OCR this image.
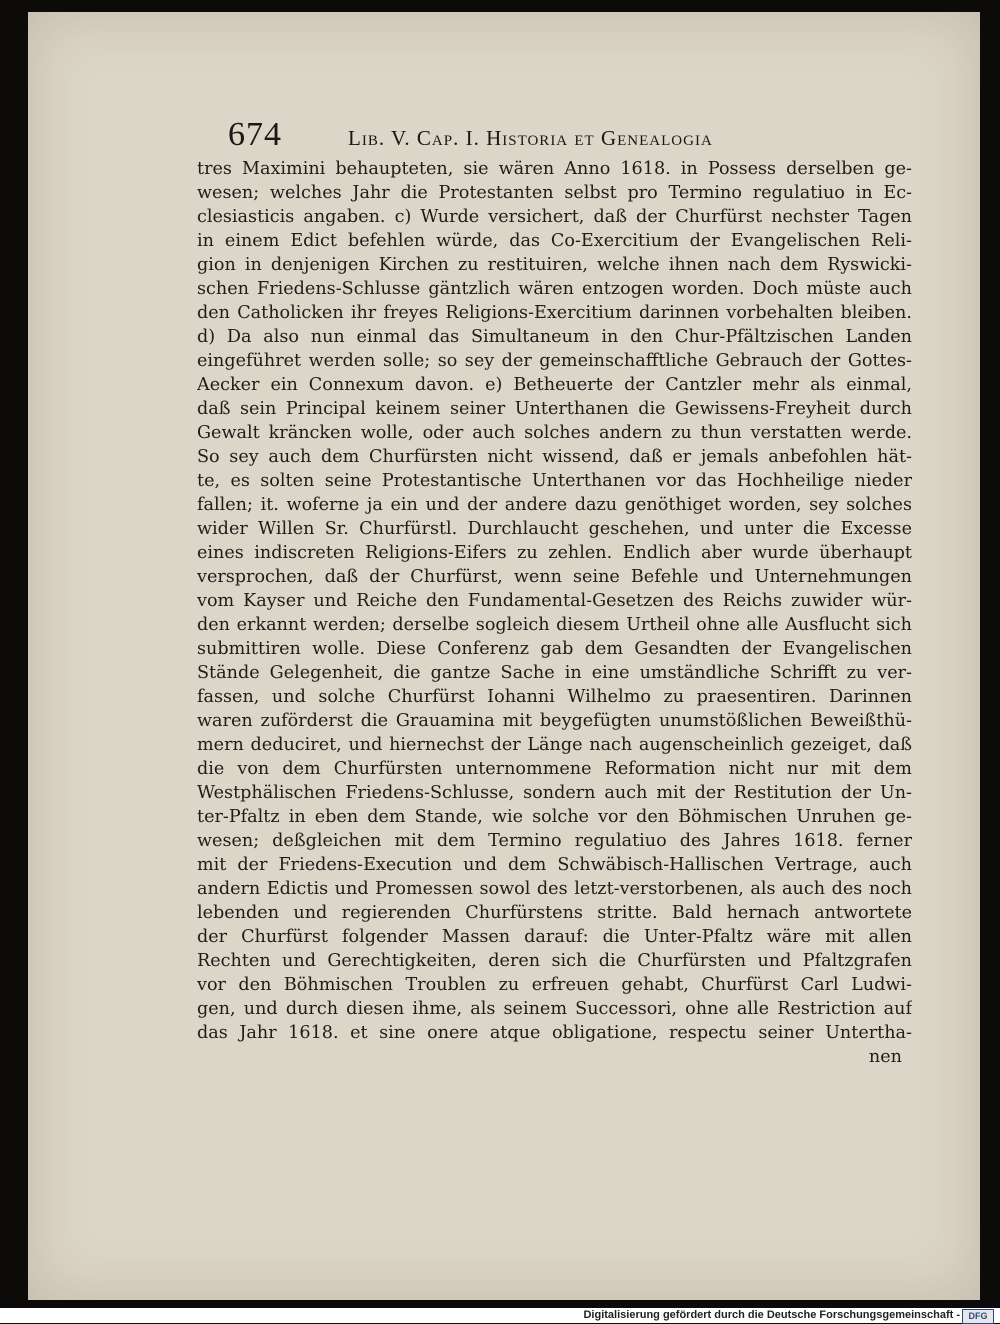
674	Lib. V. Cap. I. Historia et Genealogia
tres Maximini behaupteten, sie wären Anno 1618. in Possess derselben ge-
wesen; welches Jahr die Protestanten selbst pro Termino regulatiuo in Ec-
clesiasticis angaben. c) Wurde versichert, daß der Churfürst nechster Tagen
in einem Edict befehlen würde, das Co-Exercitium der Evangelischen Reli-
gion in denjenigen Kirchen zu restituiren, welche ihnen nach dem Ryswicki-
schen Friedens-Schlusse gäntzlich wären entzogen worden. Doch müste auch
den Catholicken ihr freyes Religions-Exercitium darinnen vorbehalten bleiben.
d) Da also nun einmal das Simultaneum in den Chur-Pfältzischen Landen
eingeführet werden solle; so sey der gemeinschafftliche Gebrauch der Gottes-
Aecker ein Connexum davon. e) Betheuerte der Cantzler mehr als einmal,
daß sein Principal keinem seiner Unterthanen die Gewissens-Freyheit durch
Gewalt kräncken wolle, oder auch solches andern zu thun verstatten werde.
So sey auch dem Churfürsten nicht wissend, daß er jemals anbefohlen hät-
te, es solten seine Protestantische Unterthanen vor das Hochheilige nieder
fallen; it. woferne ja ein und der andere dazu genöthiget worden, sey solches
wider Willen Sr. Churfürstl. Durchlaucht geschehen, und unter die Excesse
eines indiscreten Religions-Eifers zu zehlen. Endlich aber wurde überhaupt
versprochen, daß der Churfürst, wenn seine Befehle und Unternehmungen
vom Kayser und Reiche den Fundamental-Gesetzen des Reichs zuwider wür-
den erkannt werden; derselbe sogleich diesem Urtheil ohne alle Ausflucht sich
submittiren wolle. Diese Conferenz gab dem Gesandten der Evangelischen
Stände Gelegenheit, die gantze Sache in eine umständliche Schrifft zu ver-
fassen, und solche Churfürst Iohanni Wilhelmo zu praesentiren. Darinnen
waren zuförderst die Grauamina mit beygefügten unumstößlichen Beweißthü-
mern deduciret, und hiernechst der Länge nach augenscheinlich gezeiget, daß
die von dem Churfürsten unternommene Reformation nicht nur mit dem
Westphälischen Friedens-Schlusse, sondern auch mit der Restitution der Un-
ter-Pfaltz in eben dem Stande, wie solche vor den Böhmischen Unruhen ge-
wesen; deßgleichen mit dem Termino regulatiuo des Jahres 1618. ferner
mit der Friedens-Execution und dem Schwäbisch-Hallischen Vertrage, auch
andern Edictis und Promessen sowol des letzt-verstorbenen, als auch des noch
lebenden und regierenden Churfürstens stritte. Bald hernach antwortete
der Churfürst folgender Massen darauf: die Unter-Pfaltz wäre mit allen
Rechten und Gerechtigkeiten, deren sich die Churfürsten und Pfaltzgrafen
vor den Böhmischen Troublen zu erfreuen gehabt, Churfürst Carl Ludwi-
gen, und durch diesen ihme, als seinem Successori, ohne alle Restriction auf
das Jahr 1618. et sine onere atque obligatione, respectu seiner Untertha-
nen
Digitalisierung gefördert durch die Deutsche Forschungsgemeinschaft - DFG
